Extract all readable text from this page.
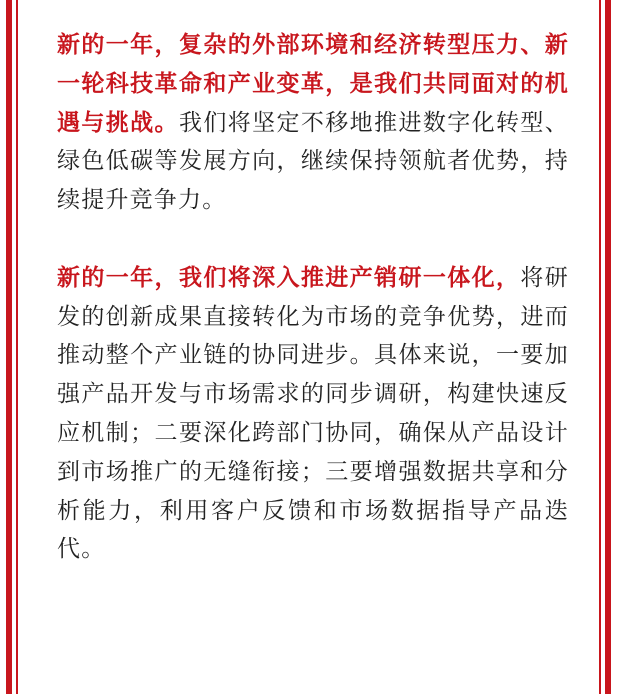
新的一年，复杂的外部环境和经济转型压力、新一轮科技革命和产业变革，是我们共同面对的机遇与挑战。我们将坚定不移地推进数字化转型、绿色低碳等发展方向，继续保持领航者优势，持续提升竞争力。

新的一年，我们将深入推进产销研一体化，将研发的创新成果直接转化为市场的竞争优势，进而推动整个产业链的协同进步。具体来说，一要加强产品开发与市场需求的同步调研，构建快速反应机制；二要深化跨部门协同，确保从产品设计到市场推广的无缝衔接；三要增强数据共享和分析能力，利用客户反馈和市场数据指导产品迭代。
